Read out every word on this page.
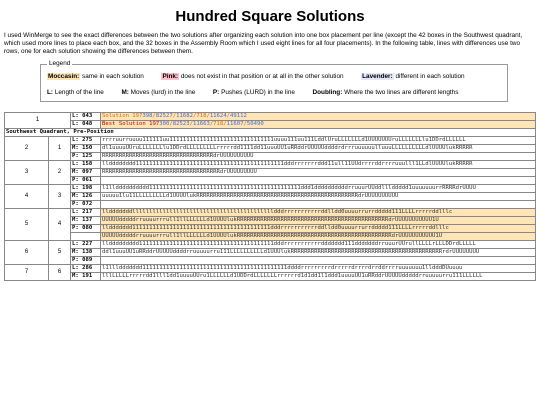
Hundred Square Solutions

I used WinMerge to see the exact differences between the two solutions after organizing each solution into one box placement per line (except the 42 boxes in the Southwest quadrant, which used more lines to place each box, and the 32 boxes in the Assembly Room which I used eight lines for all four placements). In the following table, lines with differences use two rows, one for each solution showing the differences between them.

Legend
Moccasin: same in each solution	Pink: does not exist in that position or at all in the other solution	Lavender: different in each solution
L: Length of the line	M: Moves (lurd) in the line	P: Pushes (LURD) in the line	Doubling: Where the two lines are different lengths
1		L: 043	Solution 197398/82527/11682/718/11624/49112
		L: 048	Best Solution 197300/82523/11663/718/11607/50490
Southwest Quadrant, Pre-Position			
2	1	L: 275	rrrruurruuuu111111uu1111111111111111111111111111111uuuu111uu111LddlUruLLLLLLLd1UUUUUUUruLLLLLLLlu1DDrdLLLLLL
		M: 150	dl1uuuuUUruLLLLLLLlu1DDrdLLLLLLLLLrrrrrdd1111dd11uuuUU1uRRddrUUUUUddddrdrrruuuuuulluuuLLLLLLLLLLdlUUUUlukRRRRR
		P: 125	RRRRRRRRRRRRRRRRRRRRRRRRRRRRRRRRRdrUUUUUUUUUU
3	2	L: 158	lldddddddd11111111111111111111111111111111111111111111dddrrrrrrrddd11ull11UUdrrrrddrrrruuulll1LLdlUUUUlukRRRRR
		M: 097	RRRRRRRRRRRRRRRRRRRRRRRRRRRRRRRRRRRdrUUUUUUUUU
		P: 061	
4	3	L: 198	l1lldddddddddd111111111111111111111111111111111111111111111ddd1ddddddddddrruuurUUddlllddddd1uuuuuuurrRRRRdrUUUU
		M: 126	uuuuu1lu11LLLLLLLLLd1UUUUlukRRRRRRRRRRRRRRRRRRRRRRRRRRRRRRRRRRRRRRRRRRRRRRRRdrUUUUUUUUUU
		P: 072	
5	4	L: 217	lldddddddlllllllllllllllllllllllllllllllllllllllllldddrrrrrrrrrrrddlldd0uuuurrurrddddd111LLLLrrrrrddlllc
		M: 137	UUUUUdddddrruuuurrrull1llLLLLLLd1UUUUlukRRRRRRRRRRRRRRRRRRRRRRRRRRRRRRRRRRRRRRRRRRRRRdrUUUUUUUUUUU1U
		P: 080	llddddddd11111111111111111111111111111111111111111dddrrrrrrrrrrrddlldd0uuuurrurrddddd111LLLLrrrrrddlllc
			UUUUUdddddrruuuurrrull1llLLLLLLd1UUUUlukRRRRRRRRRRRRRRRRRRRRRRRRRRRRRRRRRRRRRRRRRRRRRRdrUUUUUUUUUUU1U
6	5	L: 227	llddddddddd1111111111111111111111111111111111111111dddrrrrrrrrrrrddddddd111dddddddrruuurUUrullLLLLrLLLDDrdLLLLL
		M: 138	ddl1uuuUU1uRRddrUUUUUddddrruuuuurru111LLLLLLLLLLd1UUUlukRRRRRRRRRRRRRRRRRRRRRRRRRRRRRRRRRRRRRRRRRRRRRrdrUUUUUUUU
		P: 089	
7	6	L: 286	l1lllddddddd1111111111111111111111111111111111111111111ddddrrrrrrrrrdrrrrrdrrrrdrrddrrrruuuuuuu1lldddDUuuuu
		M: 191	lllLLLLLrrrrrdd1lll1dd1uuuuUUru1LLLLLLd1UDDrdLLLLLLLrrrrrrd1d1dd1l1ddd1uuuuUU1uRRddrUUUUUdddddrruuuuurru111LLLLLL
